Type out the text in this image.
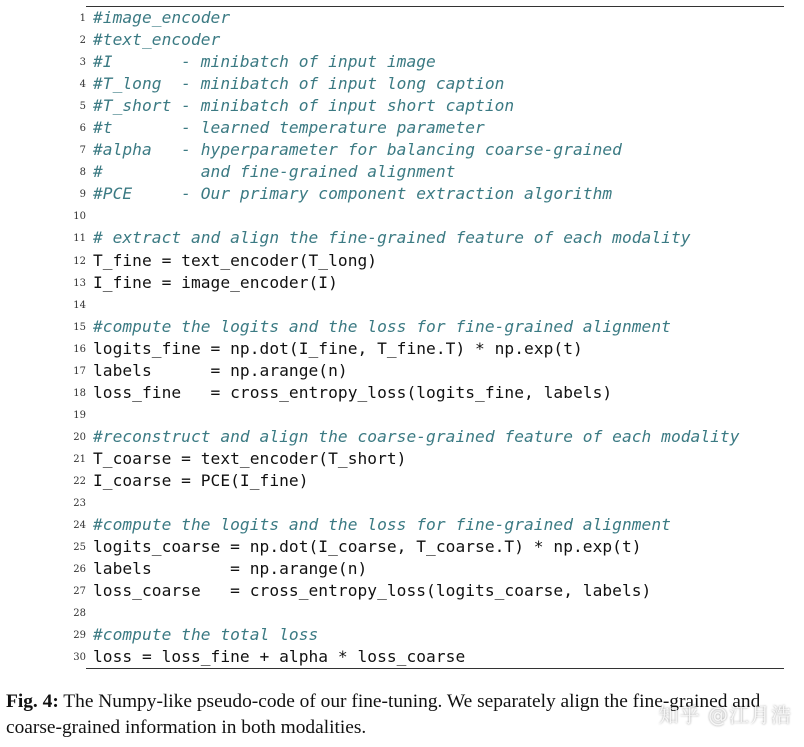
1 #image_encoder
2 #text_encoder
3 #I       - minibatch of input image
4 #T_long  - minibatch of input long caption
5 #T_short - minibatch of input short caption
6 #t       - learned temperature parameter
7 #alpha   - hyperparameter for balancing coarse-grained
8 #          and fine-grained alignment
9 #PCE     - Our primary component extraction algorithm
10
11 # extract and align the fine-grained feature of each modality
12 T_fine = text_encoder(T_long)
13 I_fine = image_encoder(I)
14
15 #compute the logits and the loss for fine-grained alignment
16 logits_fine = np.dot(I_fine, T_fine.T) * np.exp(t)
17 labels      = np.arange(n)
18 loss_fine   = cross_entropy_loss(logits_fine, labels)
19
20 #reconstruct and align the coarse-grained feature of each modality
21 T_coarse = text_encoder(T_short)
22 I_coarse = PCE(I_fine)
23
24 #compute the logits and the loss for fine-grained alignment
25 logits_coarse = np.dot(I_coarse, T_coarse.T) * np.exp(t)
26 labels        = np.arange(n)
27 loss_coarse   = cross_entropy_loss(logits_coarse, labels)
28
29 #compute the total loss
30 loss = loss_fine + alpha * loss_coarse
Fig. 4: The Numpy-like pseudo-code of our fine-tuning. We separately align the fine-grained and coarse-grained information in both modalities.
知乎 @江月浩
